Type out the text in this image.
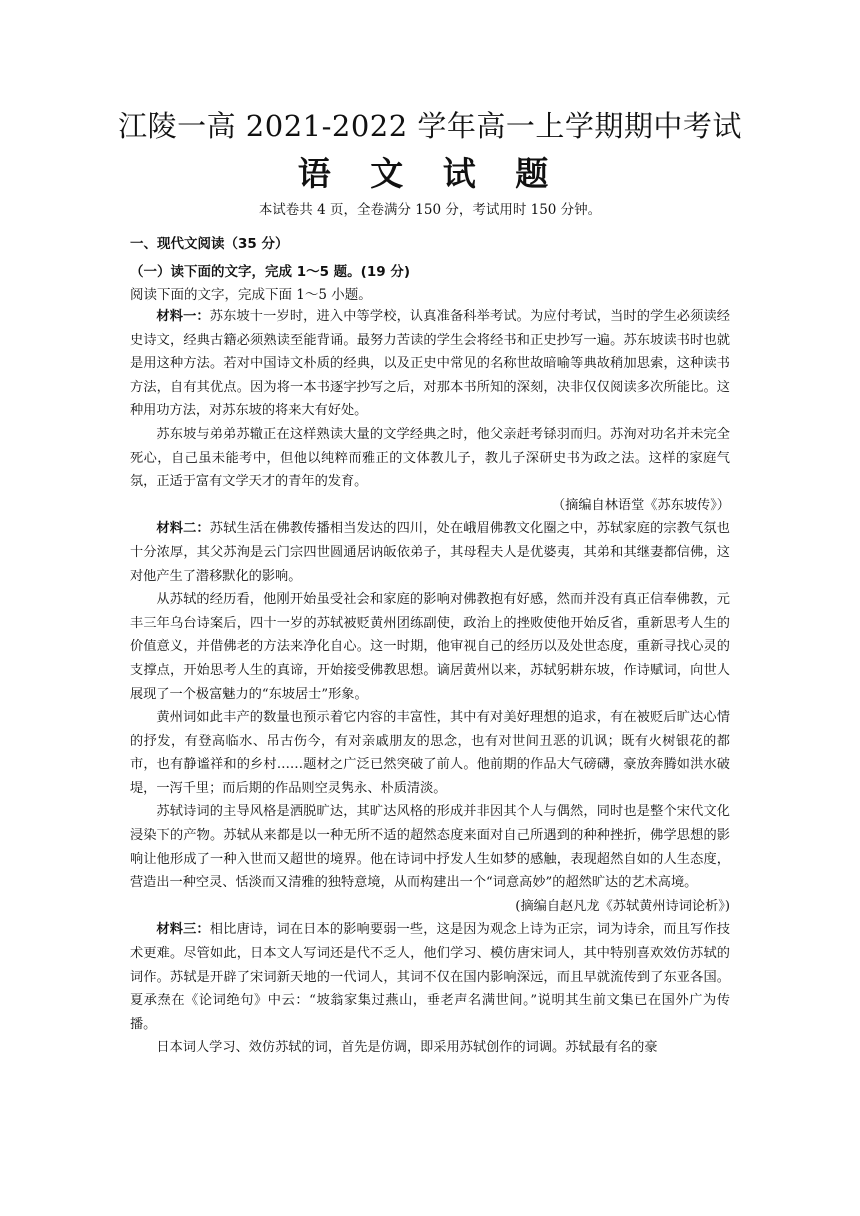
江陵一高 2021-2022 学年高一上学期期中考试
语 文 试 题
本试卷共 4 页，全卷满分 150 分，考试用时 150 分钟。
一、现代文阅读（35 分）
（一）读下面的文字，完成 1～5 题。(19 分)
阅读下面的文字，完成下面 1～5 小题。

材料一：苏东坡十一岁时，进入中等学校，认真准备科举考试。为应付考试，当时的学生必须读经史诗文，经典古籍必须熟读至能背诵。最努力苦读的学生会将经书和正史抄写一遍。苏东坡读书时也就是用这种方法。若对中国诗文朴质的经典，以及正史中常见的名称世故暗喻等典故稍加思索，这种读书方法，自有其优点。因为将一本书逐字抄写之后，对那本书所知的深刻，决非仅仅阅读多次所能比。这种用功方法，对苏东坡的将来大有好处。

苏东坡与弟弟苏辙正在这样熟读大量的文学经典之时，他父亲赶考铩羽而归。苏洵对功名并未完全死心，自己虽未能考中，但他以纯粹而雅正的文体教儿子，教儿子深研史书为政之法。这样的家庭气氛，正适于富有文学天才的青年的发育。

（摘编自林语堂《苏东坡传》）

材料二：苏轼生活在佛教传播相当发达的四川，处在峨眉佛教文化圈之中，苏轼家庭的宗教气氛也十分浓厚，其父苏洵是云门宗四世圆通居讷皈依弟子，其母程夫人是优婆夷，其弟和其继妻都信佛，这对他产生了潜移默化的影响。

从苏轼的经历看，他刚开始虽受社会和家庭的影响对佛教抱有好感，然而并没有真正信奉佛教，元丰三年乌台诗案后，四十一岁的苏轼被贬黄州团练副使，政治上的挫败使他开始反省，重新思考人生的价值意义，并借佛老的方法来净化自心。这一时期，他审视自己的经历以及处世态度，重新寻找心灵的支撑点，开始思考人生的真谛，开始接受佛教思想。谪居黄州以来，苏轼躬耕东坡，作诗赋词，向世人展现了一个极富魅力的“东坡居士”形象。

黄州词如此丰产的数量也预示着它内容的丰富性，其中有对美好理想的追求，有在被贬后旷达心情的抒发，有登高临水、吊古伤今，有对亲戚朋友的思念，也有对世间丑恶的讥讽；既有火树银花的都市，也有静谧祥和的乡村……题材之广泛已然突破了前人。他前期的作品大气磅礴，豪放奔腾如洪水破堤，一泻千里；而后期的作品则空灵隽永、朴质清淡。

苏轼诗词的主导风格是洒脱旷达，其旷达风格的形成并非因其个人与偶然，同时也是整个宋代文化浸染下的产物。苏轼从来都是以一种无所不适的超然态度来面对自己所遇到的种种挫折，佛学思想的影响让他形成了一种入世而又超世的境界。他在诗词中抒发人生如梦的感触，表现超然自如的人生态度，营造出一种空灵、恬淡而又清雅的独特意境，从而构建出一个“词意高妙”的超然旷达的艺术高境。

(摘编自赵凡龙《苏轼黄州诗词论析》)

材料三：相比唐诗，词在日本的影响要弱一些，这是因为观念上诗为正宗，词为诗余，而且写作技术更难。尽管如此，日本文人写词还是代不乏人，他们学习、模仿唐宋词人，其中特别喜欢效仿苏轼的词作。苏轼是开辟了宋词新天地的一代词人，其词不仅在国内影响深远，而且早就流传到了东亚各国。夏承焘在《论词绝句》中云：“坡翁家集过燕山，垂老声名满世间。”说明其生前文集已在国外广为传播。

日本词人学习、效仿苏轼的词，首先是仿调，即采用苏轼创作的词调。苏轼最有名的豪
